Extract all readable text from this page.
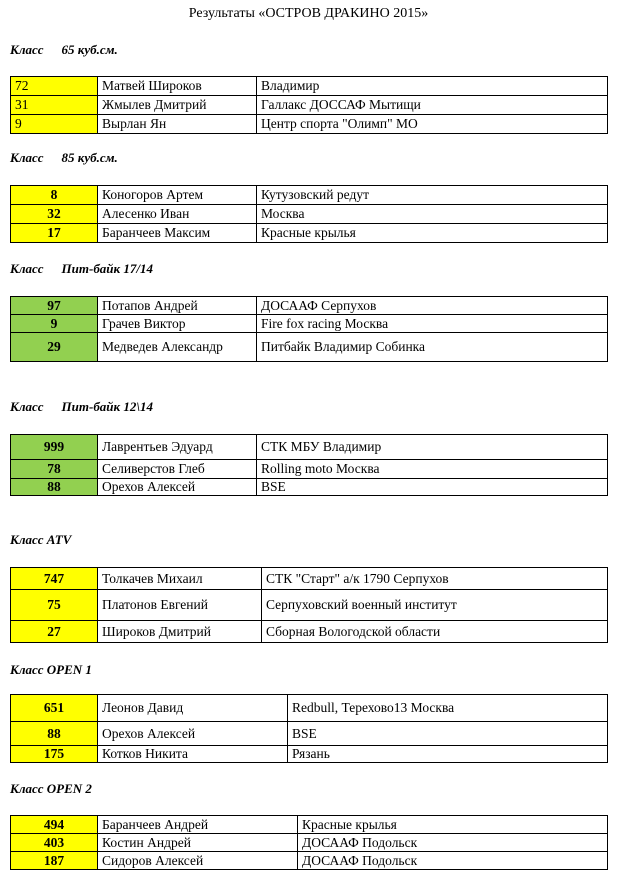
Результаты «ОСТРОВ ДРАКИНО 2015»
Класс 65 куб.см.
72	Матвей Широков	Владимир
31	Жмылев Дмитрий	Галлакс ДОССАФ Мытищи
9	Вырлан Ян	Центр спорта "Олимп" МО
Класс 85 куб.см.
8	Коногоров Артем	Кутузовский редут
32	Алесенко Иван	Москва
17	Баранчеев Максим	Красные крылья
Класс Пит-байк 17/14
97	Потапов Андрей	ДОСААФ Серпухов
9	Грачев Виктор	Fire fox racing Москва
29	Медведев Александр	Питбайк Владимир Собинка
Класс Пит-байк 12\14
999	Лаврентьев Эдуард	СТК МБУ Владимир
78	Селиверстов Глеб	Rolling moto Москва
88	Орехов Алексей	BSE
Класс ATV
747	Толкачев Михаил	СТК "Старт" а/к 1790 Серпухов
75	Платонов Евгений	Серпуховский военный институт
27	Широков Дмитрий	Сборная Вологодской области
Класс OPEN 1
651	Леонов Давид	Redbull, Терехово13 Москва
88	Орехов Алексей	BSE
175	Котков Никита	Рязань
Класс OPEN 2
494	Баранчеев Андрей	Красные крылья
403	Костин Андрей	ДОСААФ Подольск
187	Сидоров Алексей	ДОСААФ Подольск
